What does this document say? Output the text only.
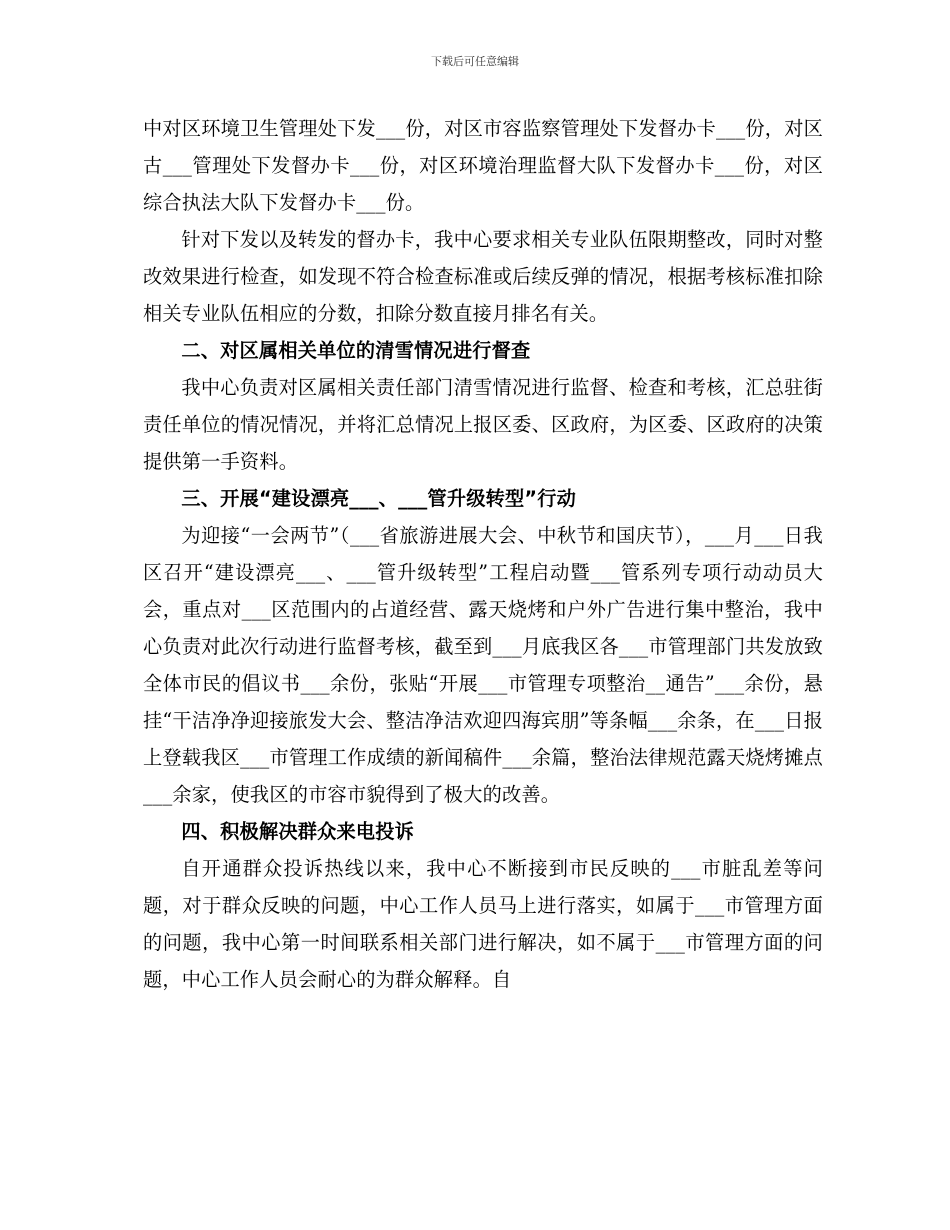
下载后可任意编辑

中对区环境卫生管理处下发___份，对区市容监察管理处下发督办卡___份，对区古___管理处下发督办卡___份，对区环境治理监督大队下发督办卡___份，对区综合执法大队下发督办卡___份。

针对下发以及转发的督办卡，我中心要求相关专业队伍限期整改，同时对整改效果进行检查，如发现不符合检查标准或后续反弹的情况，根据考核标准扣除相关专业队伍相应的分数，扣除分数直接月排名有关。

二、对区属相关单位的清雪情况进行督查

我中心负责对区属相关责任部门清雪情况进行监督、检查和考核，汇总驻街责任单位的情况情况，并将汇总情况上报区委、区政府，为区委、区政府的决策提供第一手资料。

三、开展“建设漂亮___、___管升级转型”行动

为迎接“一会两节”（___省旅游进展大会、中秋节和国庆节），___月___日我区召开“建设漂亮___、___管升级转型”工程启动暨___管系列专项行动动员大会，重点对___区范围内的占道经营、露天烧烤和户外广告进行集中整治，我中心负责对此次行动进行监督考核，截至到___月底我区各___市管理部门共发放致全体市民的倡议书___余份，张贴“开展___市管理专项整治__通告”___余份，悬挂“干洁净净迎接旅发大会、整洁净洁欢迎四海宾朋”等条幅___余条，在___日报上登载我区___市管理工作成绩的新闻稿件___余篇，整治法律规范露天烧烤摊点___余家，使我区的市容市貌得到了极大的改善。

四、积极解决群众来电投诉

自开通群众投诉热线以来，我中心不断接到市民反映的___市脏乱差等问题，对于群众反映的问题，中心工作人员马上进行落实，如属于___市管理方面的问题，我中心第一时间联系相关部门进行解决，如不属于___市管理方面的问题，中心工作人员会耐心的为群众解释。自
